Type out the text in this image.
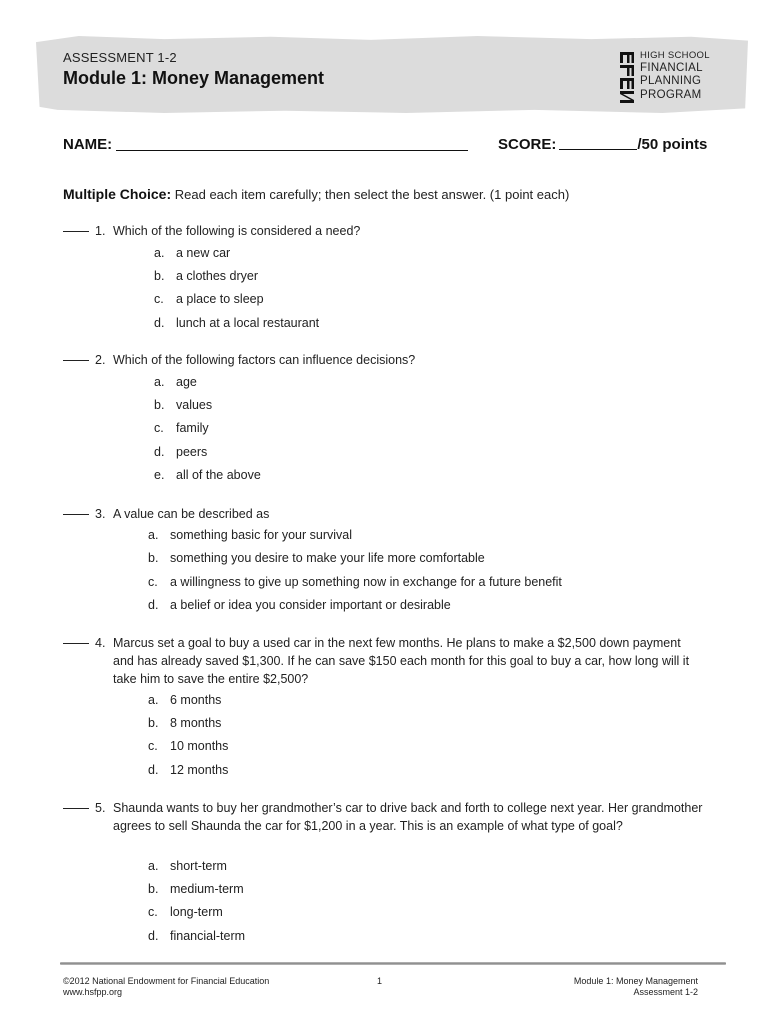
ASSESSMENT 1-2
Module 1: Money Management
HIGH SCHOOL
FINANCIAL
PLANNING
PROGRAM
NAME:	SCORE:	/50 points
Multiple Choice: Read each item carefully; then select the best answer. (1 point each)
1. Which of the following is considered a need?
a. a new car
b. a clothes dryer
c. a place to sleep
d. lunch at a local restaurant
2. Which of the following factors can influence decisions?
a. age
b. values
c. family
d. peers
e. all of the above
3. A value can be described as
a. something basic for your survival
b. something you desire to make your life more comfortable
c. a willingness to give up something now in exchange for a future benefit
d. a belief or idea you consider important or desirable
4. Marcus set a goal to buy a used car in the next few months. He plans to make a $2,500 down payment and has already saved $1,300. If he can save $150 each month for this goal to buy a car, how long will it take him to save the entire $2,500?
a. 6 months
b. 8 months
c. 10 months
d. 12 months
5. Shaunda wants to buy her grandmother’s car to drive back and forth to college next year. Her grandmother agrees to sell Shaunda the car for $1,200 in a year. This is an example of what type of goal?
a. short-term
b. medium-term
c. long-term
d. financial-term
©2012 National Endowment for Financial Education
www.hsfpp.org
1	Module 1: Money Management
Assessment 1-2
